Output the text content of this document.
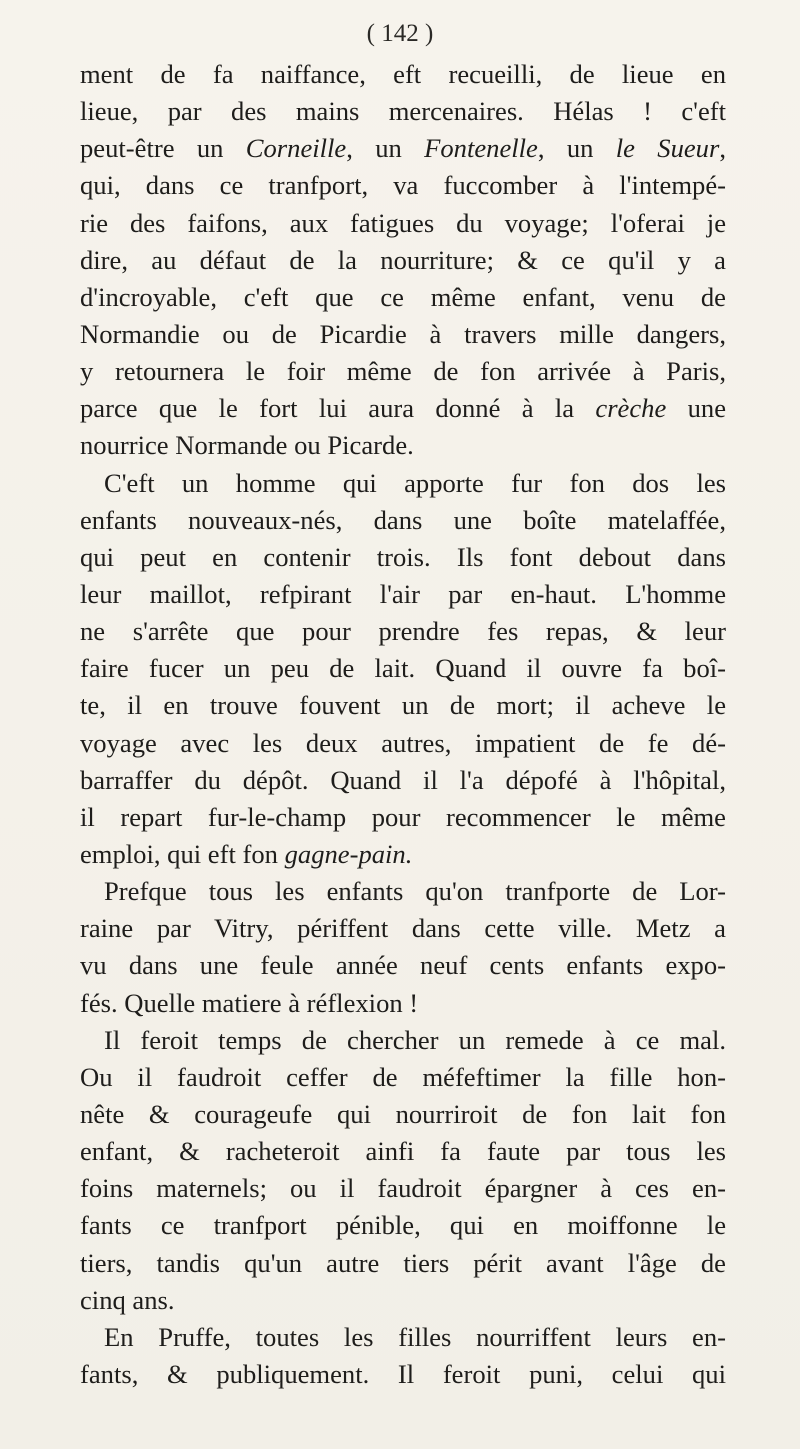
( 142 )
ment de fa naiffance, eft recueilli, de lieue en
lieue, par des mains mercenaires. Hélas ! c'eft
peut-être un Corneille, un Fontenelle, un le Sueur,
qui, dans ce tranfport, va fuccomber à l'intempé-
rie des faifons, aux fatigues du voyage; l'oferai je
dire, au défaut de la nourriture; & ce qu'il y a
d'incroyable, c'eft que ce même enfant, venu de
Normandie ou de Picardie à travers mille dangers,
y retournera le foir même de fon arrivée à Paris,
parce que le fort lui aura donné à la crèche une
nourrice Normande ou Picarde.
C'eft un homme qui apporte fur fon dos les
enfants nouveaux-nés, dans une boîte matelaffée,
qui peut en contenir trois. Ils font debout dans
leur maillot, refpirant l'air par en-haut. L'homme
ne s'arrête que pour prendre fes repas, & leur
faire fucer un peu de lait. Quand il ouvre fa boî-
te, il en trouve fouvent un de mort; il acheve le
voyage avec les deux autres, impatient de fe dé-
barraffer du dépôt. Quand il l'a dépofé à l'hôpital,
il repart fur-le-champ pour recommencer le même
emploi, qui eft fon gagne-pain.
Prefque tous les enfants qu'on tranfporte de Lor-
raine par Vitry, périffent dans cette ville. Metz a
vu dans une feule année neuf cents enfants expo-
fés. Quelle matiere à réflexion !
Il feroit temps de chercher un remede à ce mal.
Ou il faudroit ceffer de méfeftimer la fille hon-
nête & courageufe qui nourriroit de fon lait fon
enfant, & racheteroit ainfi fa faute par tous les
foins maternels; ou il faudroit épargner à ces en-
fants ce tranfport pénible, qui en moiffonne le
tiers, tandis qu'un autre tiers périt avant l'âge de
cinq ans.
En Pruffe, toutes les filles nourriffent leurs en-
fants, & publiquement. Il feroit puni, celui qui
